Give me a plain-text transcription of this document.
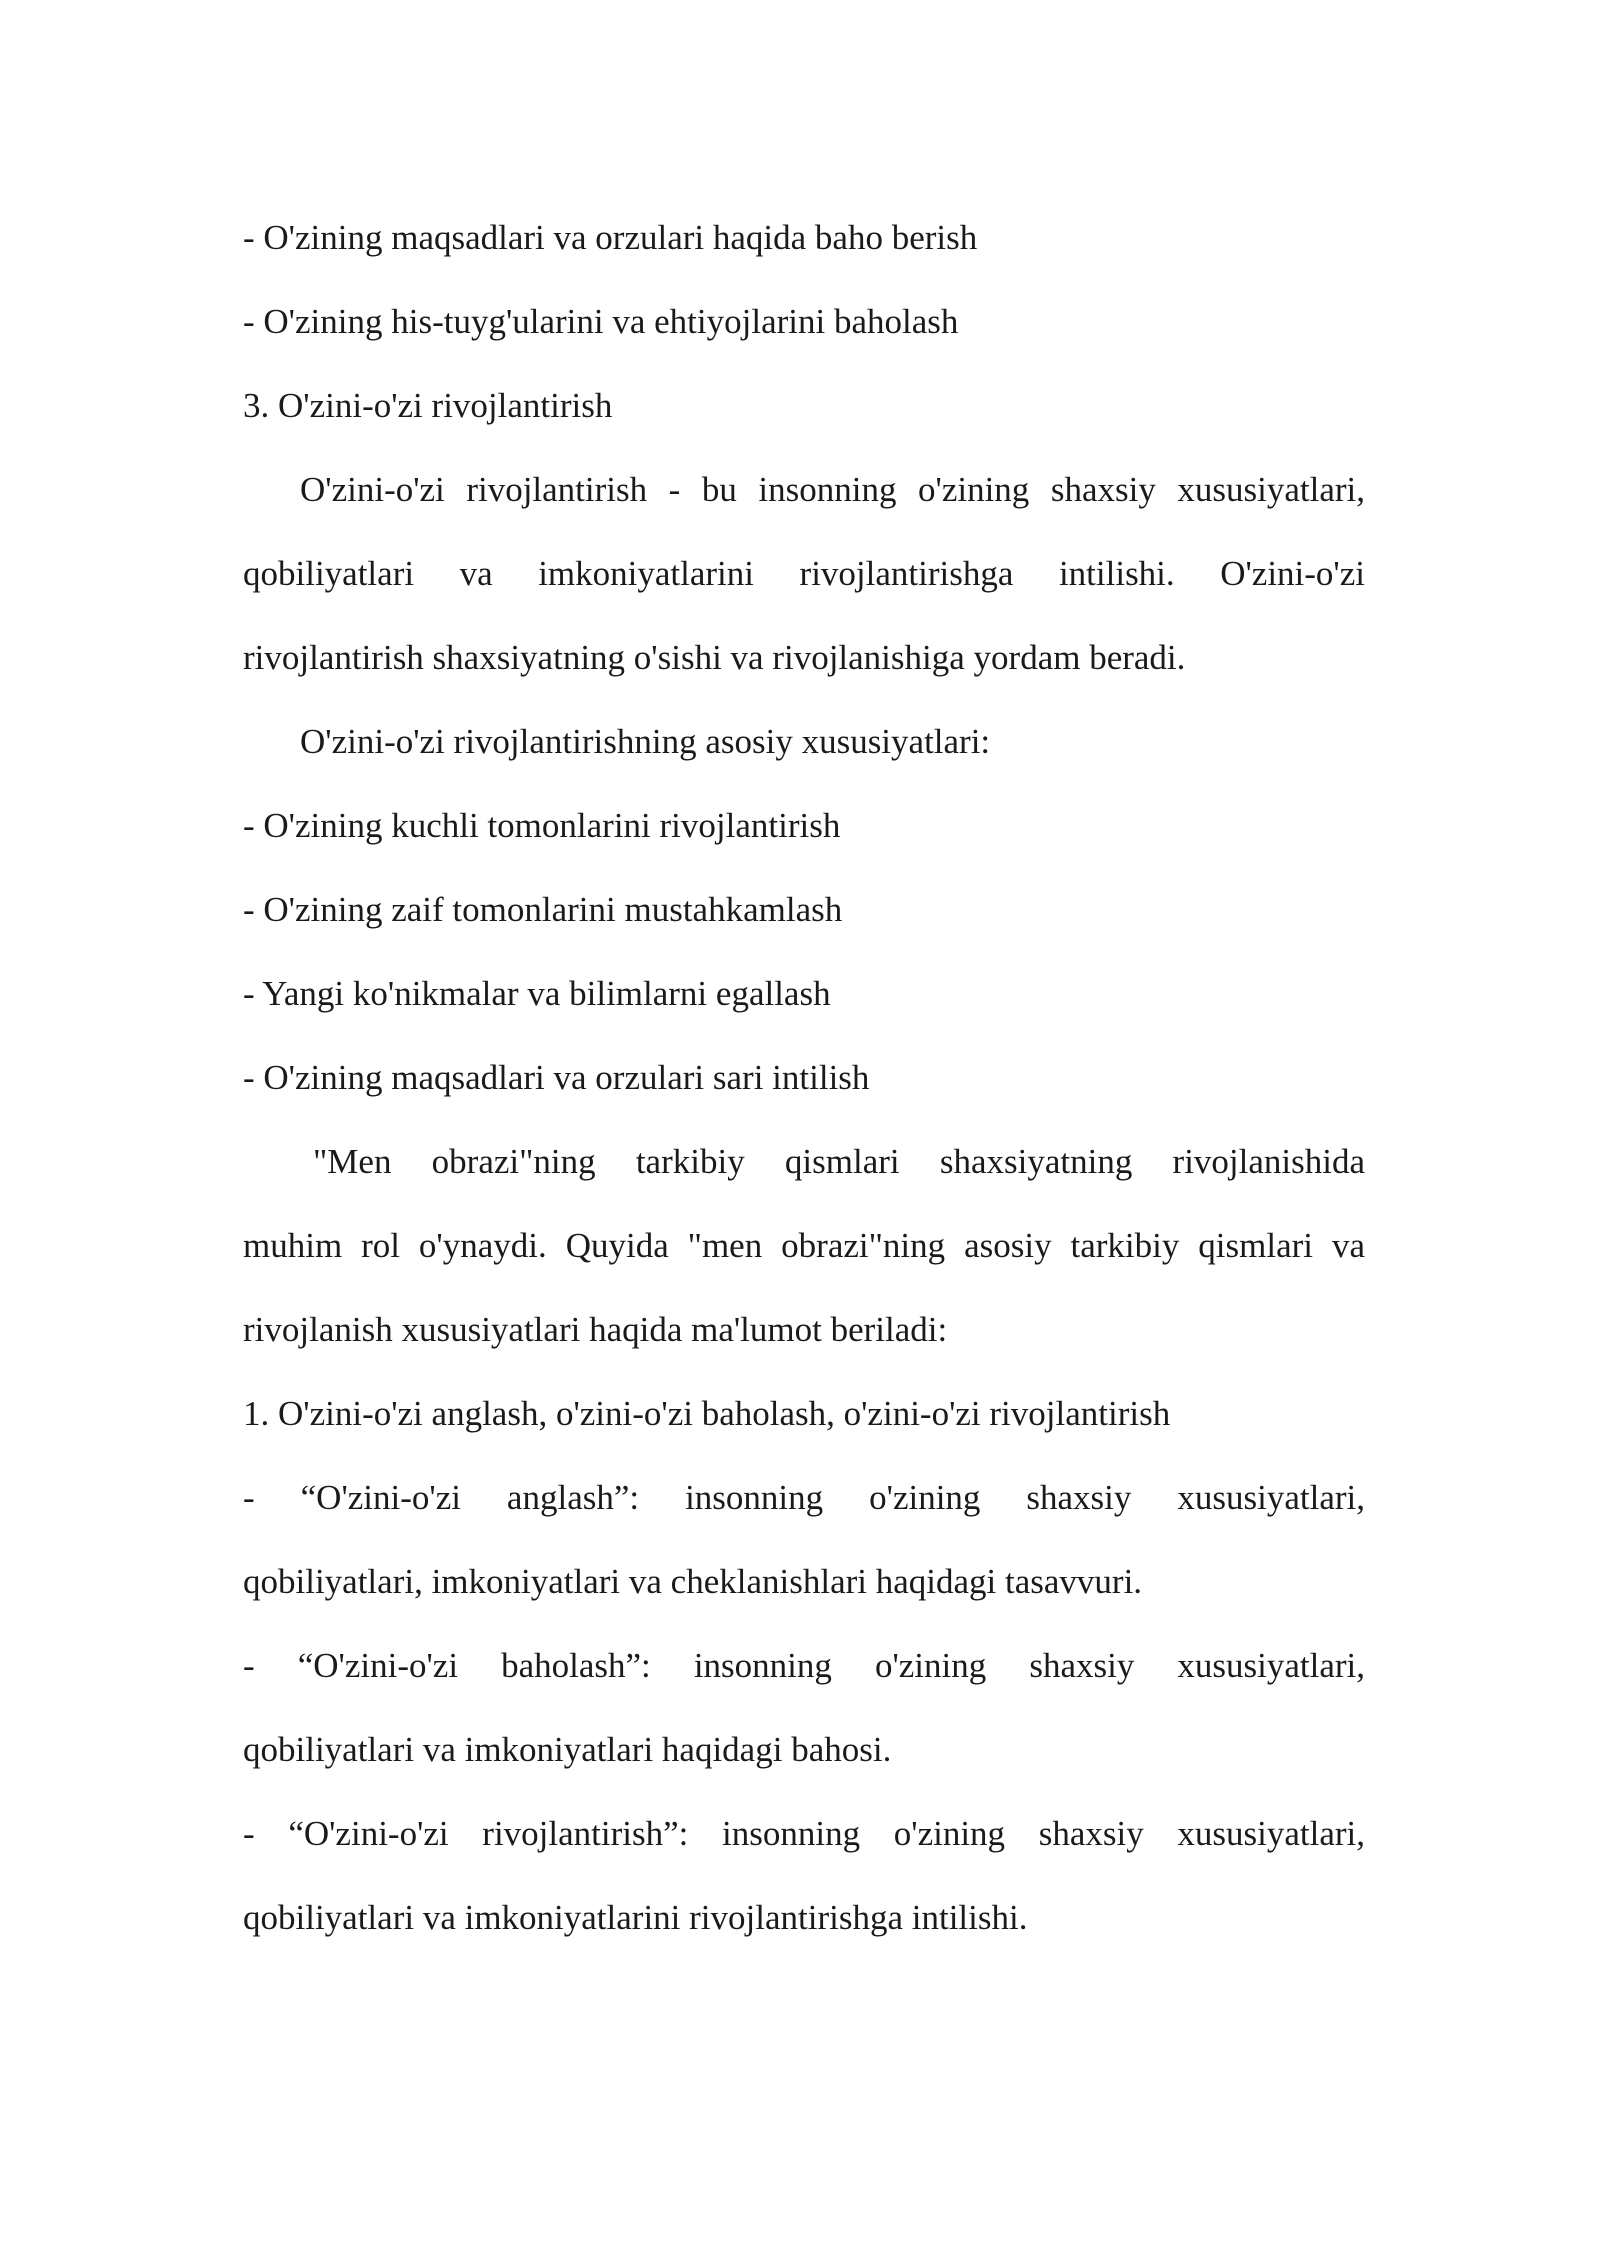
- O'zining maqsadlari va orzulari haqida baho berish

- O'zining his-tuyg'ularini va ehtiyojlarini baholash

3. O'zini-o'zi rivojlantirish

O'zini-o'zi rivojlantirish - bu insonning o'zining shaxsiy xususiyatlari,

qobiliyatlari va imkoniyatlarini rivojlantirishga intilishi. O'zini-o'zi

rivojlantirish shaxsiyatning o'sishi va rivojlanishiga yordam beradi.

O'zini-o'zi rivojlantirishning asosiy xususiyatlari:

- O'zining kuchli tomonlarini rivojlantirish

- O'zining zaif tomonlarini mustahkamlash

- Yangi ko'nikmalar va bilimlarni egallash

- O'zining maqsadlari va orzulari sari intilish

"Men obrazi"ning tarkibiy qismlari shaxsiyatning rivojlanishida

muhim rol o'ynaydi. Quyida "men obrazi"ning asosiy tarkibiy qismlari va

rivojlanish xususiyatlari haqida ma'lumot beriladi:

1. O'zini-o'zi anglash, o'zini-o'zi baholash, o'zini-o'zi rivojlantirish

- “O'zini-o'zi anglash”: insonning o'zining shaxsiy xususiyatlari,

qobiliyatlari, imkoniyatlari va cheklanishlari haqidagi tasavvuri.

- “O'zini-o'zi baholash”: insonning o'zining shaxsiy xususiyatlari,

qobiliyatlari va imkoniyatlari haqidagi bahosi.

- “O'zini-o'zi rivojlantirish”: insonning o'zining shaxsiy xususiyatlari,

qobiliyatlari va imkoniyatlarini rivojlantirishga intilishi.
